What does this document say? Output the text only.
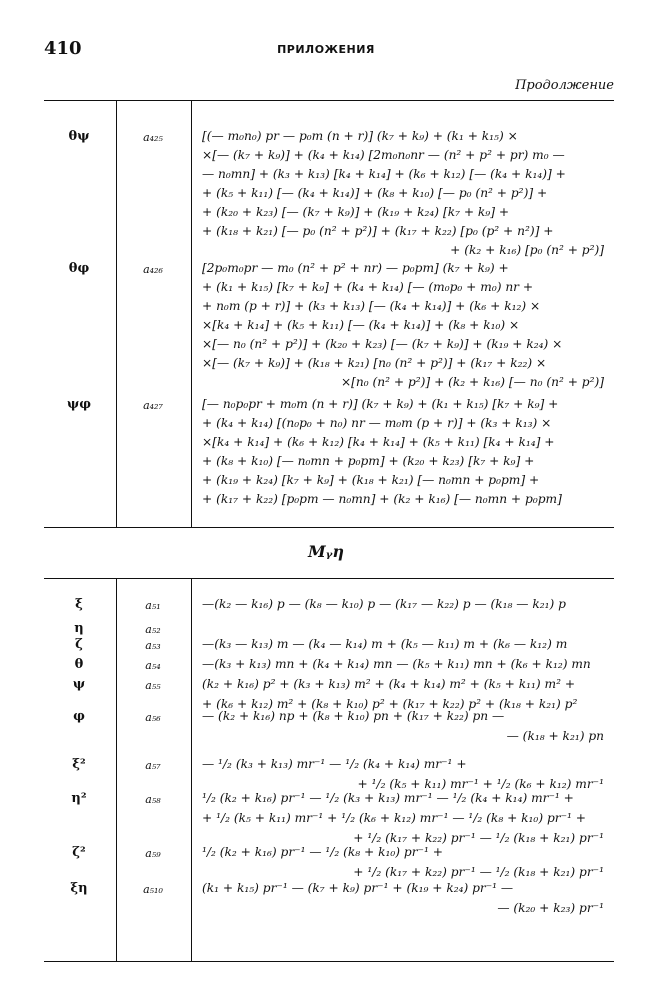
410	ПРИЛОЖЕНИЯ
Продолжение
θψ	a₄₂₅	[(— m₀n₀) pr — p₀m (n + r)] (k₇ + k₉) + (k₁ + k₁₅) ×
×[— (k₇ + k₉)] + (k₄ + k₁₄) [2m₀n₀nr — (n² + p² + pr) m₀ —
— n₀mn] + (k₃ + k₁₃) [k₄ + k₁₄] + (k₆ + k₁₂) [— (k₄ + k₁₄)] +
+ (k₅ + k₁₁) [— (k₄ + k₁₄)] + (k₈ + k₁₀) [— p₀ (n² + p²)] +
+ (k₂₀ + k₂₃) [— (k₇ + k₉)] + (k₁₉ + k₂₄) [k₇ + k₉] +
+ (k₁₈ + k₂₁) [— p₀ (n² + p²)] + (k₁₇ + k₂₂) [p₀ (p² + n²)] +
+ (k₂ + k₁₆) [p₀ (n² + p²)]
θφ	a₄₂₆	[2p₀m₀pr — m₀ (n² + p² + nr) — p₀pm] (k₇ + k₉) +
+ (k₁ + k₁₅) [k₇ + k₉] + (k₄ + k₁₄) [— (m₀p₀ + m₀) nr +
+ n₀m (p + r)] + (k₃ + k₁₃) [— (k₄ + k₁₄)] + (k₆ + k₁₂) ×
×[k₄ + k₁₄] + (k₅ + k₁₁) [— (k₄ + k₁₄)] + (k₈ + k₁₀) ×
×[— n₀ (n² + p²)] + (k₂₀ + k₂₃) [— (k₇ + k₉)] + (k₁₉ + k₂₄) ×
×[— (k₇ + k₉)] + (k₁₈ + k₂₁) [n₀ (n² + p²)] + (k₁₇ + k₂₂) ×
×[n₀ (n² + p²)] + (k₂ + k₁₆) [— n₀ (n² + p²)]
ψφ	a₄₂₇	[— n₀p₀pr + m₀m (n + r)] (k₇ + k₉) + (k₁ + k₁₅) [k₇ + k₉] +
+ (k₄ + k₁₄) [(n₀p₀ + n₀) nr — m₀m (p + r)] + (k₃ + k₁₃) ×
×[k₄ + k₁₄] + (k₆ + k₁₂) [k₄ + k₁₄] + (k₅ + k₁₁) [k₄ + k₁₄] +
+ (k₈ + k₁₀) [— n₀mn + p₀pm] + (k₂₀ + k₂₃) [k₇ + k₉] +
+ (k₁₉ + k₂₄) [k₇ + k₉] + (k₁₈ + k₂₁) [— n₀mn + p₀pm] +
+ (k₁₇ + k₂₂) [p₀pm — n₀mn] + (k₂ + k₁₆) [— n₀mn + p₀pm]
Mᵧη
ξ	a₅₁	—(k₂ — k₁₆) p — (k₈ — k₁₀) p — (k₁₇ — k₂₂) p — (k₁₈ — k₂₁) p
η	a₅₂
ζ	a₅₃	—(k₃ — k₁₃) m — (k₄ — k₁₄) m + (k₅ — k₁₁) m + (k₆ — k₁₂) m
θ	a₅₄	—(k₃ + k₁₃) mn + (k₄ + k₁₄) mn — (k₅ + k₁₁) mn + (k₆ + k₁₂) mn
ψ	a₅₅	(k₂ + k₁₆) p² + (k₃ + k₁₃) m² + (k₄ + k₁₄) m² + (k₅ + k₁₁) m² +
+ (k₆ + k₁₂) m² + (k₈ + k₁₀) p² + (k₁₇ + k₂₂) p² + (k₁₈ + k₂₁) p²
φ	a₅₆	— (k₂ + k₁₆) np + (k₈ + k₁₀) pn + (k₁₇ + k₂₂) pn —
— (k₁₈ + k₂₁) pn
ξ²	a₅₇	— ¹/₂ (k₃ + k₁₃) mr⁻¹ — ¹/₂ (k₄ + k₁₄) mr⁻¹ +
+ ¹/₂ (k₅ + k₁₁) mr⁻¹ + ¹/₂ (k₆ + k₁₂) mr⁻¹
η²	a₅₈	¹/₂ (k₂ + k₁₆) pr⁻¹ — ¹/₂ (k₃ + k₁₃) mr⁻¹ — ¹/₂ (k₄ + k₁₄) mr⁻¹ +
+ ¹/₂ (k₅ + k₁₁) mr⁻¹ + ¹/₂ (k₆ + k₁₂) mr⁻¹ — ¹/₂ (k₈ + k₁₀) pr⁻¹ +
+ ¹/₂ (k₁₇ + k₂₂) pr⁻¹ — ¹/₂ (k₁₈ + k₂₁) pr⁻¹
ζ²	a₅₉	¹/₂ (k₂ + k₁₆) pr⁻¹ — ¹/₂ (k₈ + k₁₀) pr⁻¹ +
+ ¹/₂ (k₁₇ + k₂₂) pr⁻¹ — ¹/₂ (k₁₈ + k₂₁) pr⁻¹
ξη	a₅₁₀	(k₁ + k₁₅) pr⁻¹ — (k₇ + k₉) pr⁻¹ + (k₁₉ + k₂₄) pr⁻¹ —
— (k₂₀ + k₂₃) pr⁻¹
